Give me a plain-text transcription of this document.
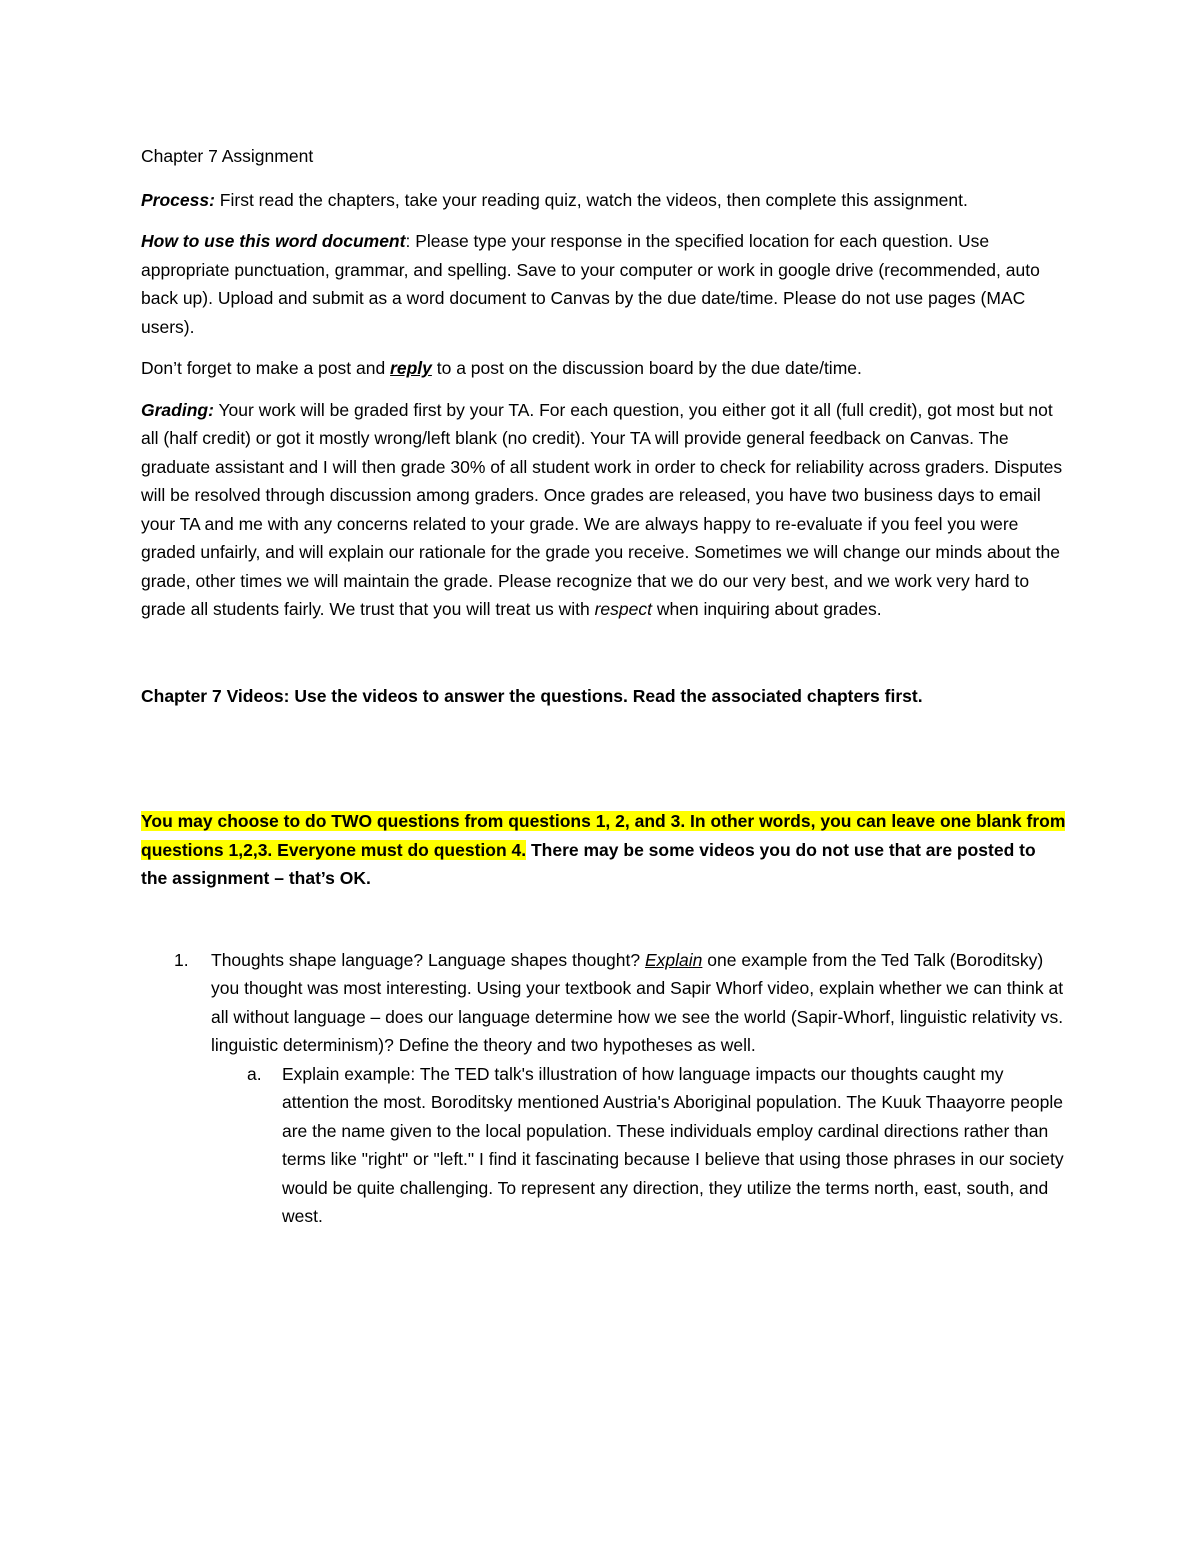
Chapter 7 Assignment

Process: First read the chapters, take your reading quiz, watch the videos, then complete this assignment.

How to use this word document: Please type your response in the specified location for each question. Use appropriate punctuation, grammar, and spelling. Save to your computer or work in google drive (recommended, auto back up). Upload and submit as a word document to Canvas by the due date/time. Please do not use pages (MAC users).

Don’t forget to make a post and reply to a post on the discussion board by the due date/time.

Grading: Your work will be graded first by your TA. For each question, you either got it all (full credit), got most but not all (half credit) or got it mostly wrong/left blank (no credit). Your TA will provide general feedback on Canvas. The graduate assistant and I will then grade 30% of all student work in order to check for reliability across graders. Disputes will be resolved through discussion among graders. Once grades are released, you have two business days to email your TA and me with any concerns related to your grade. We are always happy to re-evaluate if you feel you were graded unfairly, and will explain our rationale for the grade you receive. Sometimes we will change our minds about the grade, other times we will maintain the grade. Please recognize that we do our very best, and we work very hard to grade all students fairly. We trust that you will treat us with respect when inquiring about grades.

Chapter 7 Videos: Use the videos to answer the questions. Read the associated chapters first.

You may choose to do TWO questions from questions 1, 2, and 3. In other words, you can leave one blank from questions 1,2,3. Everyone must do question 4. There may be some videos you do not use that are posted to the assignment – that’s OK.

1. Thoughts shape language? Language shapes thought? Explain one example from the Ted Talk (Boroditsky) you thought was most interesting. Using your textbook and Sapir Whorf video, explain whether we can think at all without language – does our language determine how we see the world (Sapir-Whorf, linguistic relativity vs. linguistic determinism)? Define the theory and two hypotheses as well.
a. Explain example: The TED talk's illustration of how language impacts our thoughts caught my attention the most. Boroditsky mentioned Austria's Aboriginal population. The Kuuk Thaayorre people are the name given to the local population. These individuals employ cardinal directions rather than terms like "right" or "left." I find it fascinating because I believe that using those phrases in our society would be quite challenging. To represent any direction, they utilize the terms north, east, south, and west.
